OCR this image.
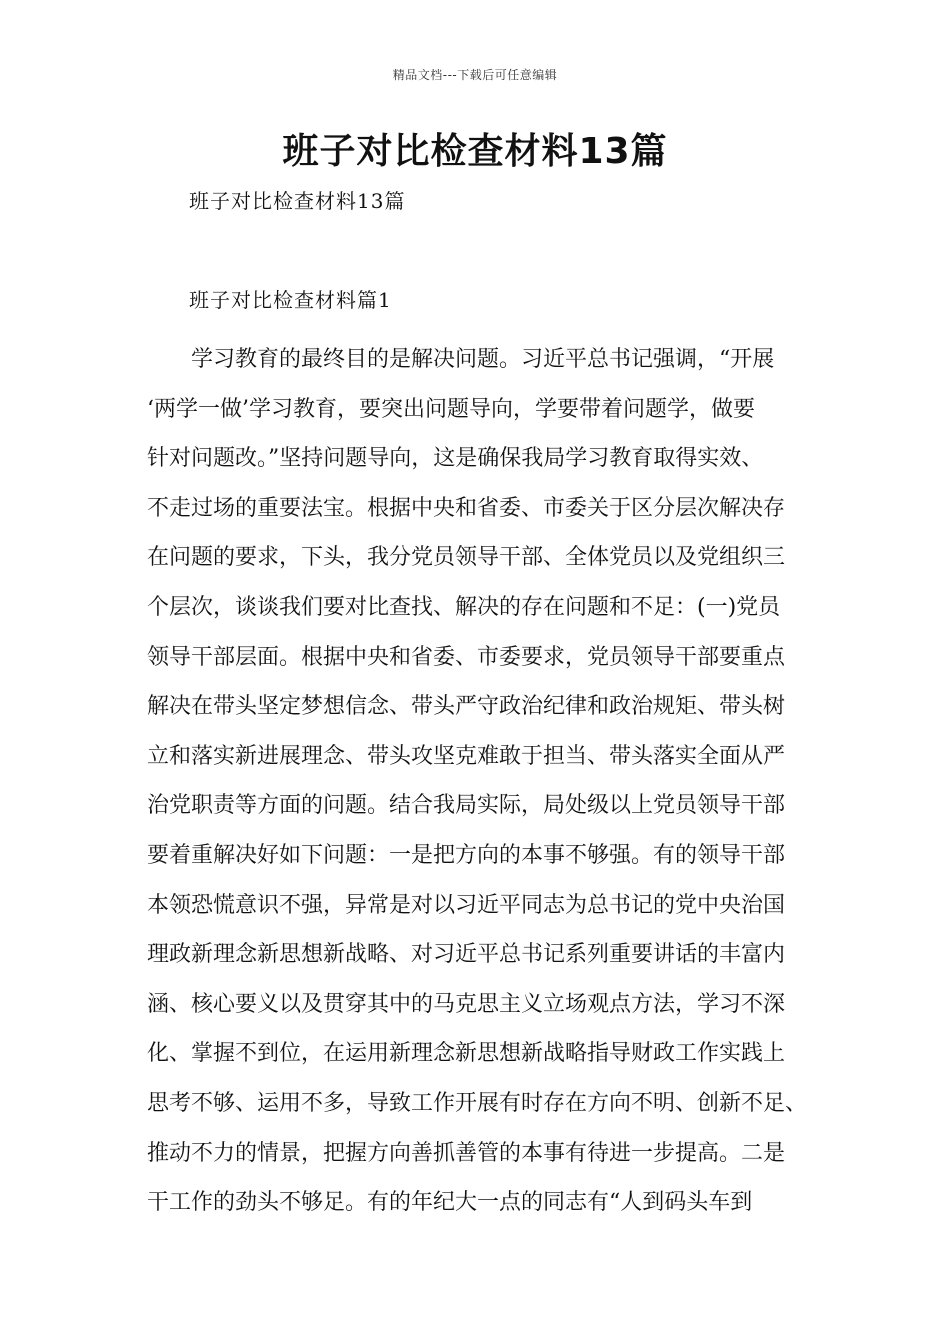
精品文档---下载后可任意编辑
班子对比检查材料13篇
班子对比检查材料13篇
班子对比检查材料篇1
学习教育的最终目的是解决问题。习近平总书记强调，“开展
‘两学一做’学习教育，要突出问题导向，学要带着问题学，做要
针对问题改。”坚持问题导向，这是确保我局学习教育取得实效、
不走过场的重要法宝。根据中央和省委、市委关于区分层次解决存
在问题的要求，下头，我分党员领导干部、全体党员以及党组织三
个层次，谈谈我们要对比查找、解决的存在问题和不足：(一)党员
领导干部层面。根据中央和省委、市委要求，党员领导干部要重点
解决在带头坚定梦想信念、带头严守政治纪律和政治规矩、带头树
立和落实新进展理念、带头攻坚克难敢于担当、带头落实全面从严
治党职责等方面的问题。结合我局实际，局处级以上党员领导干部
要着重解决好如下问题：一是把方向的本事不够强。有的领导干部
本领恐慌意识不强，异常是对以习近平同志为总书记的党中央治国
理政新理念新思想新战略、对习近平总书记系列重要讲话的丰富内
涵、核心要义以及贯穿其中的马克思主义立场观点方法，学习不深
化、掌握不到位，在运用新理念新思想新战略指导财政工作实践上
思考不够、运用不多，导致工作开展有时存在方向不明、创新不足、
推动不力的情景，把握方向善抓善管的本事有待进一步提高。二是
干工作的劲头不够足。有的年纪大一点的同志有“人到码头车到
